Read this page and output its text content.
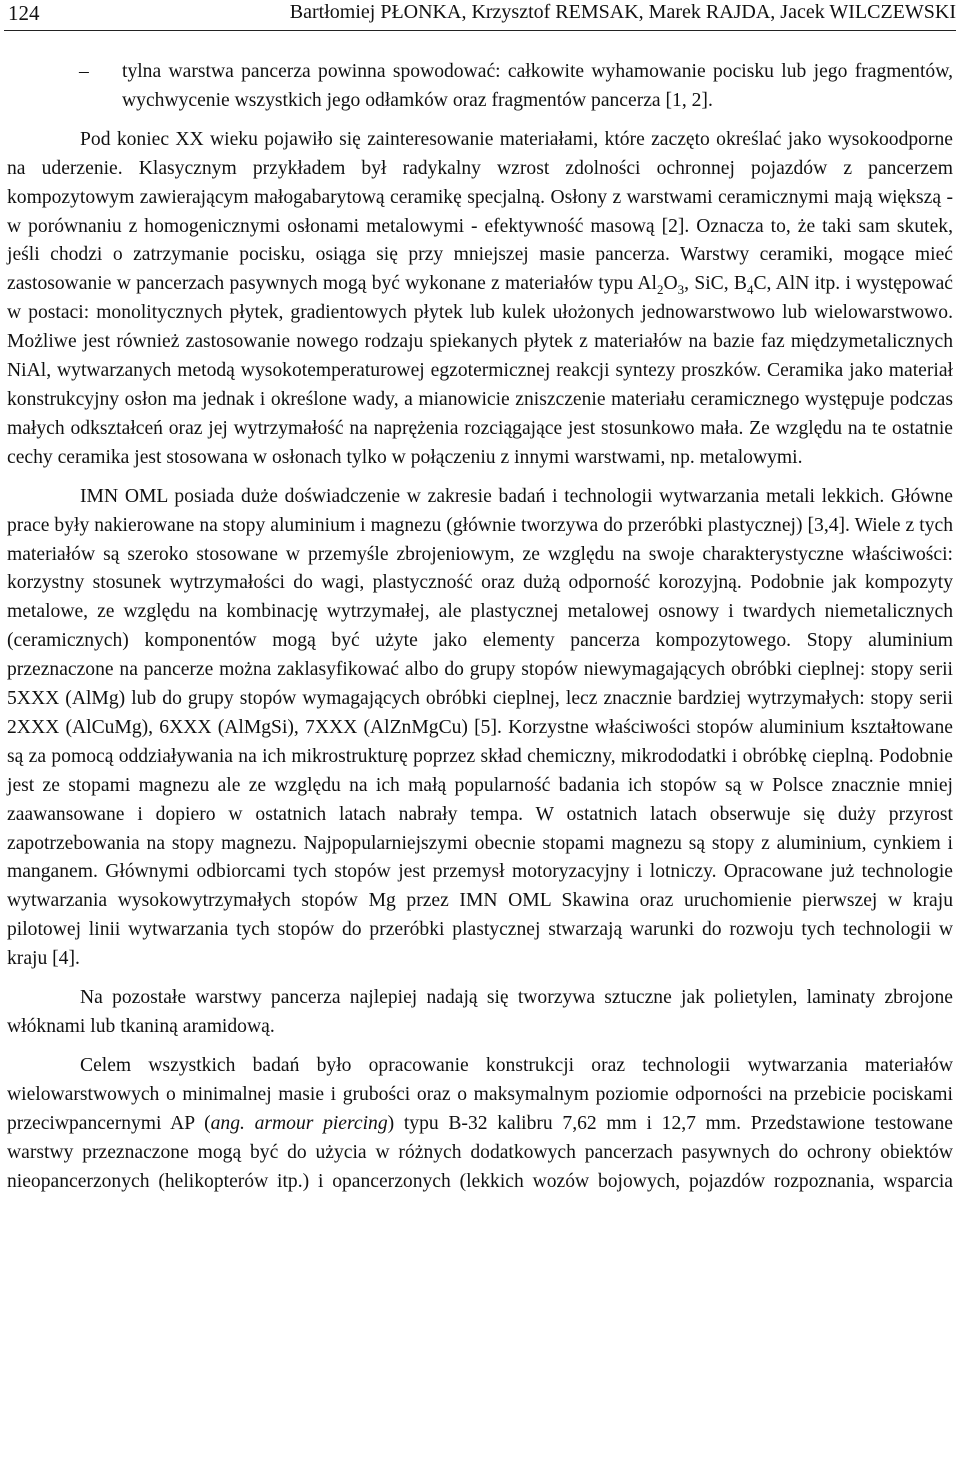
124	Bartłomiej PŁONKA, Krzysztof REMSAK, Marek RAJDA, Jacek WILCZEWSKI
– tylna warstwa pancerza powinna spowodować: całkowite wyhamowanie pocisku lub jego fragmentów, wychwycenie wszystkich jego odłamków oraz fragmentów pancerza [1, 2].

Pod koniec XX wieku pojawiło się zainteresowanie materiałami, które zaczęto określać jako wysokoodporne na uderzenie. Klasycznym przykładem był radykalny wzrost zdolności ochronnej pojazdów z pancerzem kompozytowym zawierającym małogabarytową ceramikę specjalną. Osłony z warstwami ceramicznymi mają większą - w porównaniu z homogenicznymi osłonami metalowymi - efektywność masową [2]. Oznacza to, że taki sam skutek, jeśli chodzi o zatrzymanie pocisku, osiąga się przy mniejszej masie pancerza. Warstwy ceramiki, mogące mieć zastosowanie w pancerzach pasywnych mogą być wykonane z materiałów typu $Al_2O_3$, SiC, $B_4C$, AlN itp. i występować w postaci: monolitycznych płytek, gradientowych płytek lub kulek ułożonych jednowarstwowo lub wielowarstwowo. Możliwe jest również zastosowanie nowego rodzaju spiekanych płytek z materiałów na bazie faz międzymetalicznych NiAl, wytwarzanych metodą wysokotemperaturowej egzotermicznej reakcji syntezy proszków. Ceramika jako materiał konstrukcyjny osłon ma jednak i określone wady, a mianowicie zniszczenie materiału ceramicznego występuje podczas małych odkształceń oraz jej wytrzymałość na naprężenia rozciągające jest stosunkowo mała. Ze względu na te ostatnie cechy ceramika jest stosowana w osłonach tylko w połączeniu z innymi warstwami, np. metalowymi.

IMN OML posiada duże doświadczenie w zakresie badań i technologii wytwarzania metali lekkich. Główne prace były nakierowane na stopy aluminium i magnezu (głównie tworzywa do przeróbki plastycznej) [3,4]. Wiele z tych materiałów są szeroko stosowane w przemyśle zbrojeniowym, ze względu na swoje charakterystyczne właściwości: korzystny stosunek wytrzymałości do wagi, plastyczność oraz dużą odporność korozyjną. Podobnie jak kompozyty metalowe, ze względu na kombinację wytrzymałej, ale plastycznej metalowej osnowy i twardych niemetalicznych (ceramicznych) komponentów mogą być użyte jako elementy pancerza kompozytowego. Stopy aluminium przeznaczone na pancerze można zaklasyfikować albo do grupy stopów niewymagających obróbki cieplnej: stopy serii 5XXX (AlMg) lub do grupy stopów wymagających obróbki cieplnej, lecz znacznie bardziej wytrzymałych: stopy serii 2XXX (AlCuMg), 6XXX (AlMgSi), 7XXX (AlZnMgCu) [5]. Korzystne właściwości stopów aluminium kształtowane są za pomocą oddziaływania na ich mikrostrukturę poprzez skład chemiczny, mikrododatki i obróbkę cieplną. Podobnie jest ze stopami magnezu ale ze względu na ich małą popularność badania ich stopów są w Polsce znacznie mniej zaawansowane i dopiero w ostatnich latach nabrały tempa. W ostatnich latach obserwuje się duży przyrost zapotrzebowania na stopy magnezu. Najpopularniejszymi obecnie stopami magnezu są stopy z aluminium, cynkiem i manganem. Głównymi odbiorcami tych stopów jest przemysł motoryzacyjny i lotniczy. Opracowane już technologie wytwarzania wysokowytrzymałych stopów Mg przez IMN OML Skawina oraz uruchomienie pierwszej w kraju pilotowej linii wytwarzania tych stopów do przeróbki plastycznej stwarzają warunki do rozwoju tych technologii w kraju [4].

Na pozostałe warstwy pancerza najlepiej nadają się tworzywa sztuczne jak polietylen, laminaty zbrojone włóknami lub tkaniną aramidową.

Celem wszystkich badań było opracowanie konstrukcji oraz technologii wytwarzania materiałów wielowarstwowych o minimalnej masie i grubości oraz o maksymalnym poziomie odporności na przebicie pociskami przeciwpancernymi AP (ang. armour piercing) typu B-32 kalibru 7,62 mm i 12,7 mm. Przedstawione testowane warstwy przeznaczone mogą być do użycia w różnych dodatkowych pancerzach pasywnych do ochrony obiektów nieopancerzonych (helikopterów itp.) i opancerzonych (lekkich wozów bojowych, pojazdów rozpoznania, wsparcia
